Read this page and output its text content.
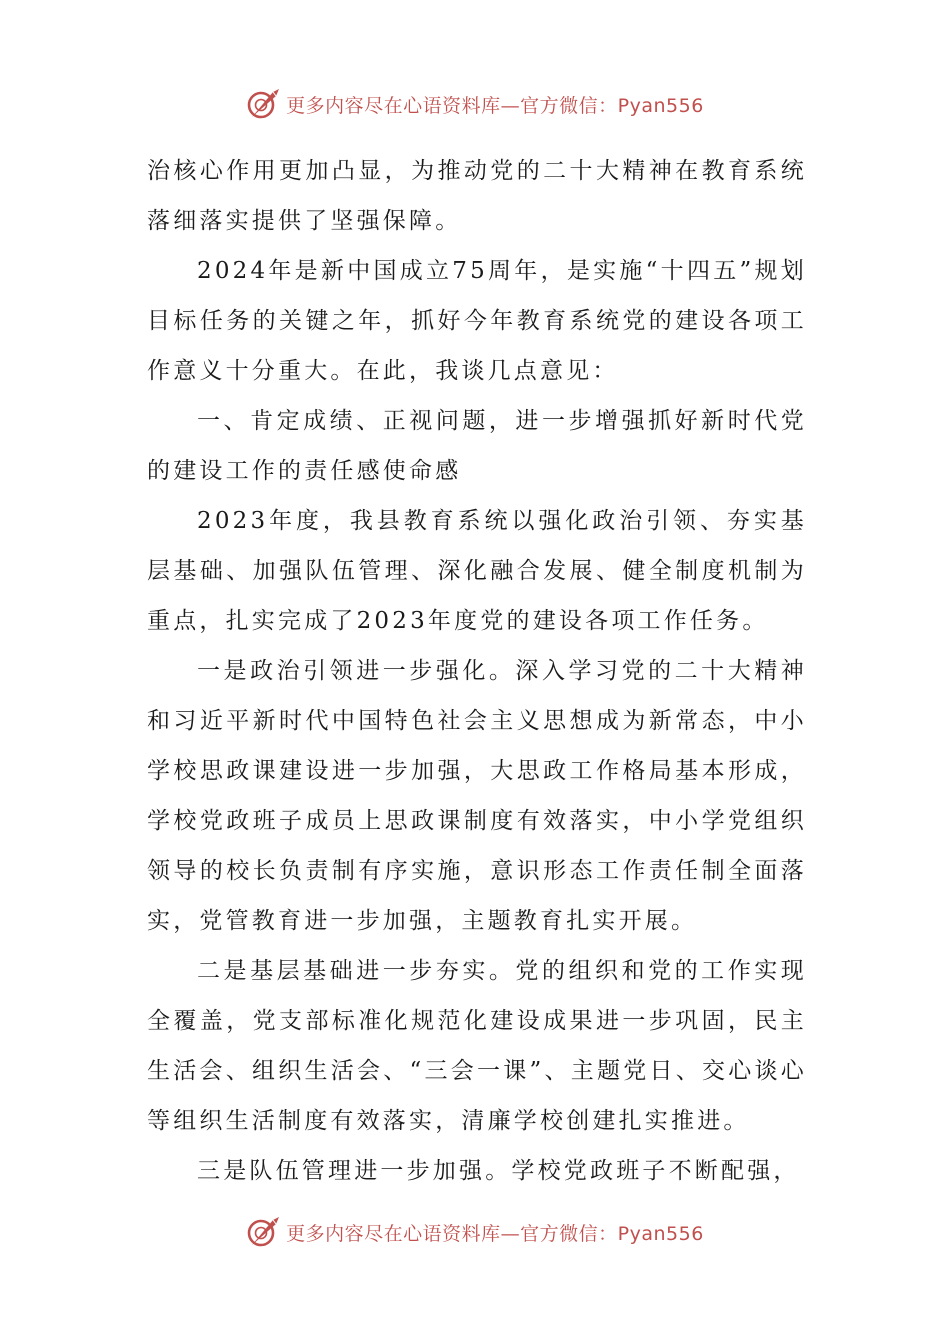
更多内容尽在心语资料库—官方微信：Pyan556

治核心作用更加凸显，为推动党的二十大精神在教育系统落细落实提供了坚强保障。

2024年是新中国成立75周年，是实施“十四五”规划目标任务的关键之年，抓好今年教育系统党的建设各项工作意义十分重大。在此，我谈几点意见：

一、肯定成绩、正视问题，进一步增强抓好新时代党的建设工作的责任感使命感

2023年度，我县教育系统以强化政治引领、夯实基层基础、加强队伍管理、深化融合发展、健全制度机制为重点，扎实完成了2023年度党的建设各项工作任务。

一是政治引领进一步强化。深入学习党的二十大精神和习近平新时代中国特色社会主义思想成为新常态，中小学校思政课建设进一步加强，大思政工作格局基本形成，学校党政班子成员上思政课制度有效落实，中小学党组织领导的校长负责制有序实施，意识形态工作责任制全面落实，党管教育进一步加强，主题教育扎实开展。

二是基层基础进一步夯实。党的组织和党的工作实现全覆盖，党支部标准化规范化建设成果进一步巩固，民主生活会、组织生活会、“三会一课”、主题党日、交心谈心等组织生活制度有效落实，清廉学校创建扎实推进。

三是队伍管理进一步加强。学校党政班子不断配强，

更多内容尽在心语资料库—官方微信：Pyan556
